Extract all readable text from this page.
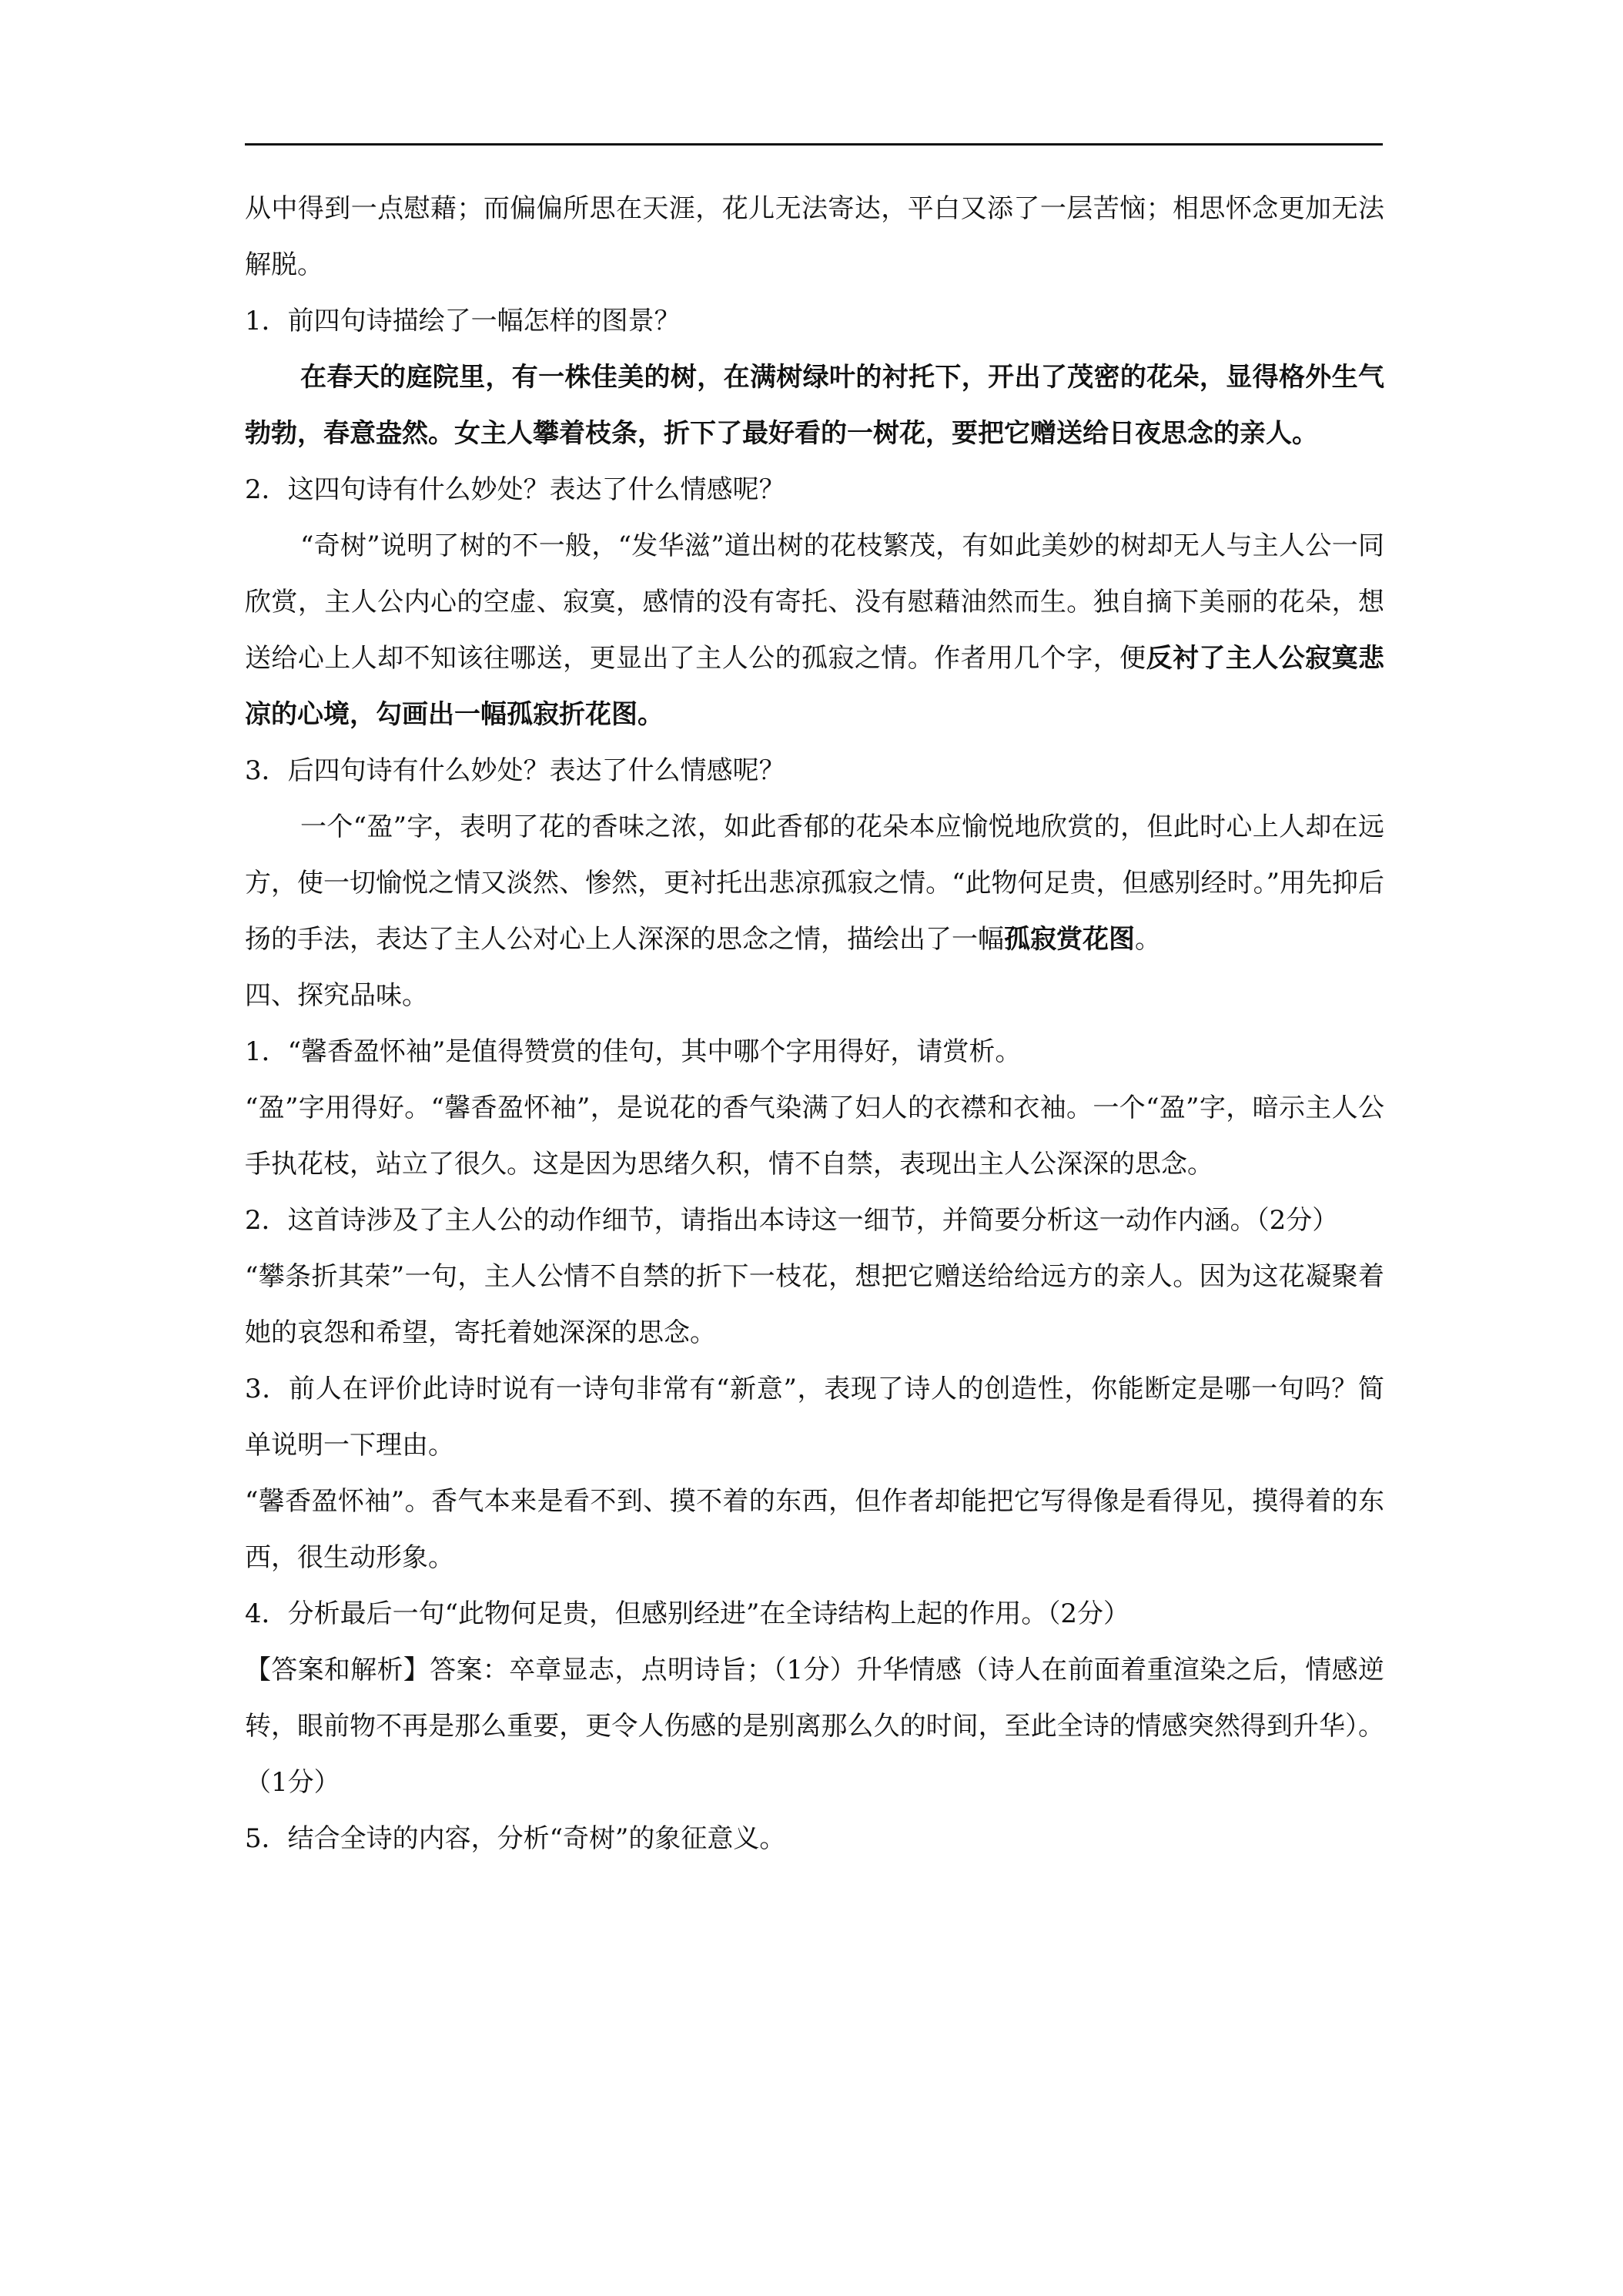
从中得到一点慰藉；而偏偏所思在天涯，花儿无法寄达，平白又添了一层苦恼；相思怀念更加无法解脱。

1．前四句诗描绘了一幅怎样的图景？

在春天的庭院里，有一株佳美的树，在满树绿叶的衬托下，开出了茂密的花朵，显得格外生气勃勃，春意盎然。女主人攀着枝条，折下了最好看的一树花，要把它赠送给日夜思念的亲人。

2．这四句诗有什么妙处？表达了什么情感呢？

“奇树”说明了树的不一般，“发华滋”道出树的花枝繁茂，有如此美妙的树却无人与主人公一同欣赏，主人公内心的空虚、寂寞，感情的没有寄托、没有慰藉油然而生。独自摘下美丽的花朵，想送给心上人却不知该往哪送，更显出了主人公的孤寂之情。作者用几个字，便反衬了主人公寂寞悲凉的心境，勾画出一幅孤寂折花图。

3．后四句诗有什么妙处？表达了什么情感呢？

一个“盈”字，表明了花的香味之浓，如此香郁的花朵本应愉悦地欣赏的，但此时心上人却在远方，使一切愉悦之情又淡然、惨然，更衬托出悲凉孤寂之情。“此物何足贵，但感别经时。”用先抑后扬的手法，表达了主人公对心上人深深的思念之情，描绘出了一幅孤寂赏花图。

四、探究品味。

1．“馨香盈怀袖”是值得赞赏的佳句，其中哪个字用得好，请赏析。

“盈”字用得好。“馨香盈怀袖”，是说花的香气染满了妇人的衣襟和衣袖。一个“盈”字，暗示主人公手执花枝，站立了很久。这是因为思绪久积，情不自禁，表现出主人公深深的思念。

2．这首诗涉及了主人公的动作细节，请指出本诗这一细节，并简要分析这一动作内涵。（2分）

“攀条折其荣”一句，主人公情不自禁的折下一枝花，想把它赠送给给远方的亲人。因为这花凝聚着她的哀怨和希望，寄托着她深深的思念。

3．前人在评价此诗时说有一诗句非常有“新意”，表现了诗人的创造性，你能断定是哪一句吗？简单说明一下理由。

“馨香盈怀袖”。香气本来是看不到、摸不着的东西，但作者却能把它写得像是看得见，摸得着的东西，很生动形象。

4．分析最后一句“此物何足贵，但感别经进”在全诗结构上起的作用。（2分）

【答案和解析】答案：卒章显志，点明诗旨；（1分）升华情感（诗人在前面着重渲染之后，情感逆转，眼前物不再是那么重要，更令人伤感的是别离那么久的时间，至此全诗的情感突然得到升华）。（1分）

5．结合全诗的内容，分析“奇树”的象征意义。
